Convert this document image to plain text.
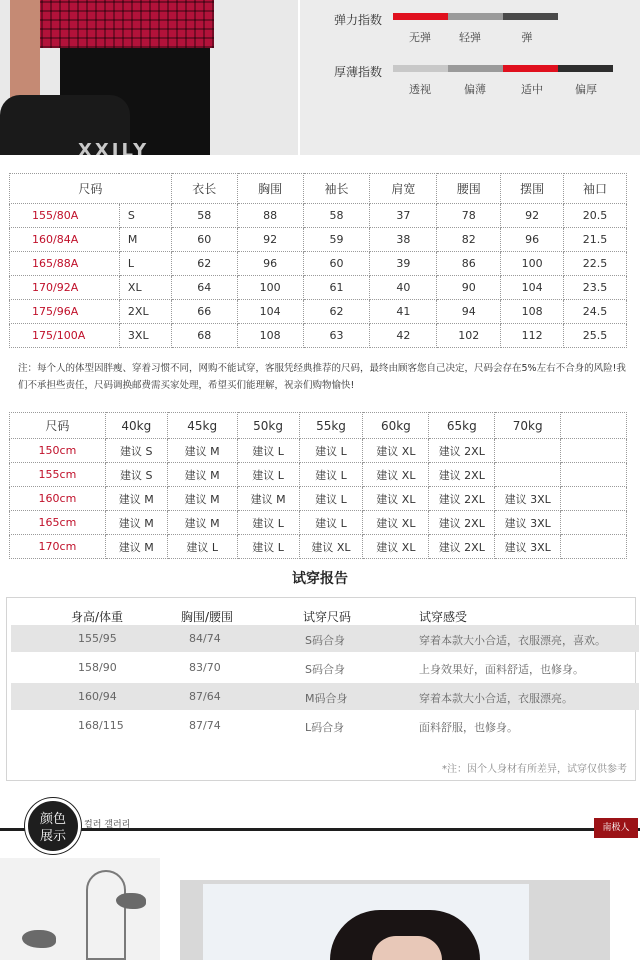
XXILY
弹力指数
无弹	轻弹	弹
厚薄指数
透视	偏薄	适中	偏厚
尺码		衣长	胸围	袖长	肩宽	腰围	摆围	袖口
155/80A	S	58	88	58	37	78	92	20.5
160/84A	M	60	92	59	38	82	96	21.5
165/88A	L	62	96	60	39	86	100	22.5
170/92A	XL	64	100	61	40	90	104	23.5
175/96A	2XL	66	104	62	41	94	108	24.5
175/100A	3XL	68	108	63	42	102	112	25.5
注：每个人的体型因胖瘦、穿着习惯不同，网购不能试穿，客服凭经典推荐的尺码，最终由顾客您自己决定，尺码会存在5%左右不合身的风险!我们不承担些责任，尺码调换邮费需买家处理，希望买们能理解，祝亲们购物愉快!
尺码	40kg	45kg	50kg	55kg	60kg	65kg	70kg	
150cm	建议 S	建议 M	建议 L	建议 L	建议 XL	建议 2XL		
155cm	建议 S	建议 M	建议 L	建议 L	建议 XL	建议 2XL		
160cm	建议 M	建议 M	建议 M	建议 L	建议 XL	建议 2XL	建议 3XL	
165cm	建议 M	建议 M	建议 L	建议 L	建议 XL	建议 2XL	建议 3XL	
170cm	建议 M	建议 L	建议 L	建议 XL	建议 XL	建议 2XL	建议 3XL	
试穿报告
身高/体重	胸围/腰围	试穿尺码	试穿感受
155/95	84/74	S码合身	穿着本款大小合适，衣服漂亮，喜欢。
158/90	83/70	S码合身	上身效果好，面料舒适，也修身。
160/94	87/64	M码合身	穿着本款大小合适，衣服漂亮。
168/115	87/74	L码合身	面料舒服，也修身。
*注：因个人身材有所差异，试穿仅供参考
颜色
展示
컬러 갤러리	南极人
